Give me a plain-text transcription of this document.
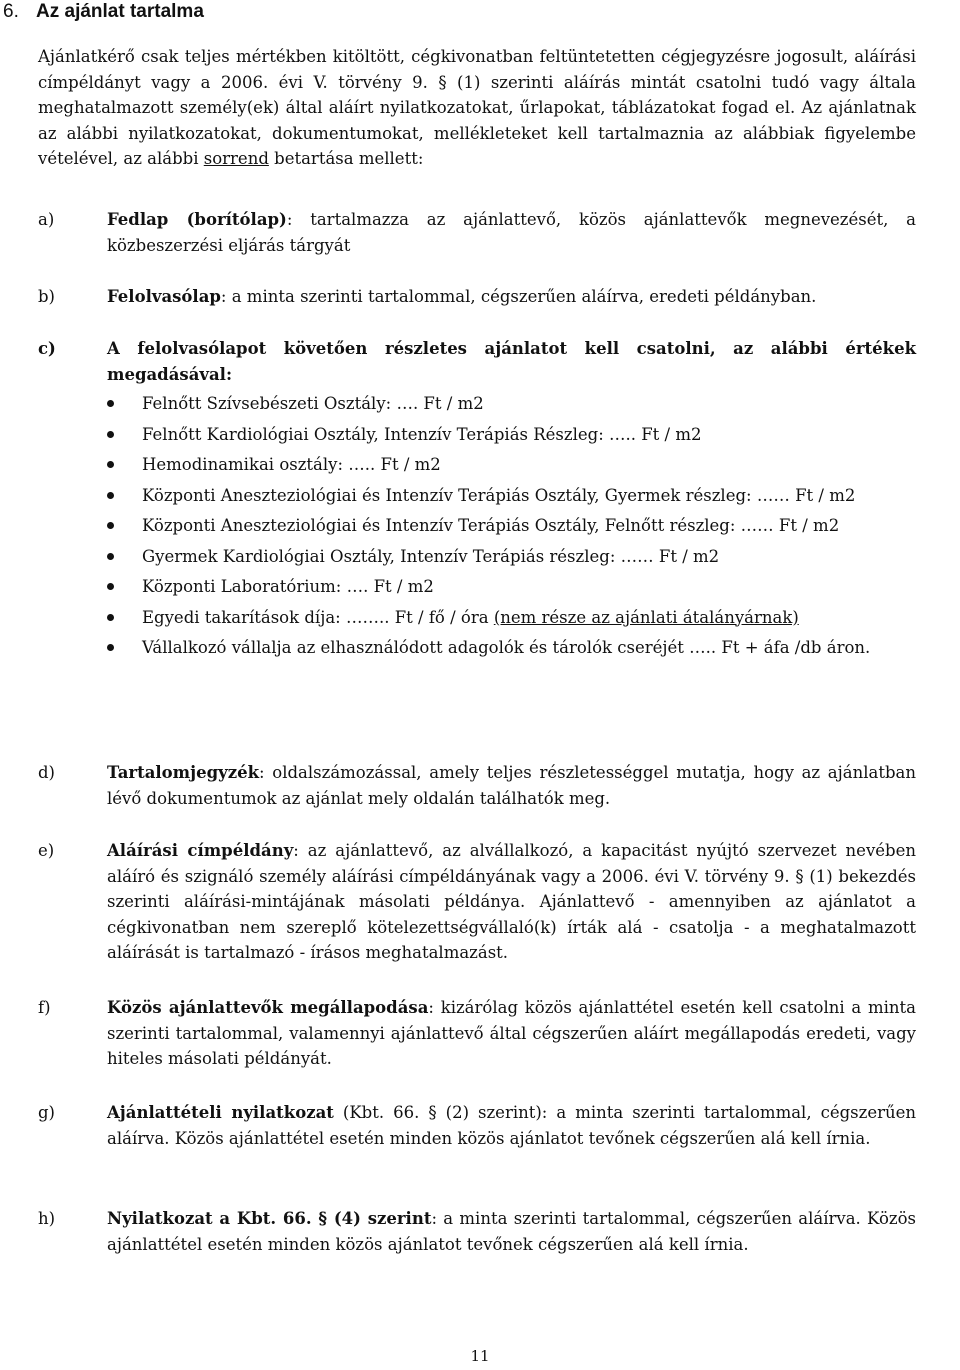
6. Az ajánlat tartalma

Ajánlatkérő csak teljes mértékben kitöltött, cégkivonatban feltüntetetten cégjegyzésre jogosult, aláírási címpéldányt vagy a 2006. évi V. törvény 9. § (1) szerinti aláírás mintát csatolni tudó vagy általa meghatalmazott személy(ek) által aláírt nyilatkozatokat, űrlapokat, táblázatokat fogad el. Az ajánlatnak az alábbi nyilatkozatokat, dokumentumokat, mellékleteket kell tartalmaznia az alábbiak figyelembe vételével, az alábbi sorrend betartása mellett:

a)	Fedlap (borítólap): tartalmazza az ajánlattevő, közös ajánlattevők megnevezését, a közbeszerzési eljárás tárgyát
b)	Felolvasólap: a minta szerinti tartalommal, cégszerűen aláírva, eredeti példányban.
c)	A felolvasólapot követően részletes ajánlatot kell csatolni, az alábbi értékek megadásával:
Felnőtt Szívsebészeti Osztály: …. Ft / m2
Felnőtt Kardiológiai Osztály, Intenzív Terápiás Részleg: ….. Ft / m2
Hemodinamikai osztály: ….. Ft / m2
Központi Aneszteziológiai és Intenzív Terápiás Osztály, Gyermek részleg: …… Ft / m2
Központi Aneszteziológiai és Intenzív Terápiás Osztály, Felnőtt részleg: …… Ft / m2
Gyermek Kardiológiai Osztály, Intenzív Terápiás részleg: …… Ft / m2
Központi Laboratórium: …. Ft / m2
Egyedi takarítások díja: …….. Ft / fő / óra (nem része az ajánlati átalányárnak)
Vállalkozó vállalja az elhasználódott adagolók és tárolók cseréjét ….. Ft + áfa /db áron.
d)	Tartalomjegyzék: oldalszámozással, amely teljes részletességgel mutatja, hogy az ajánlatban lévő dokumentumok az ajánlat mely oldalán találhatók meg.
e)	Aláírási címpéldány: az ajánlattevő, az alvállalkozó, a kapacitást nyújtó szervezet nevében aláíró és szignáló személy aláírási címpéldányának vagy a 2006. évi V. törvény 9. § (1) bekezdés szerinti aláírási-mintájának másolati példánya. Ajánlattevő - amennyiben az ajánlatot a cégkivonatban nem szereplő kötelezettségvállaló(k) írták alá - csatolja - a meghatalmazott aláírását is tartalmazó - írásos meghatalmazást.
f)	Közös ajánlattevők megállapodása: kizárólag közös ajánlattétel esetén kell csatolni a minta szerinti tartalommal, valamennyi ajánlattevő által cégszerűen aláírt megállapodás eredeti, vagy hiteles másolati példányát.
g)	Ajánlattételi nyilatkozat (Kbt. 66. § (2) szerint): a minta szerinti tartalommal, cégszerűen aláírva. Közös ajánlattétel esetén minden közös ajánlatot tevőnek cégszerűen alá kell írnia.
h)	Nyilatkozat a Kbt. 66. § (4) szerint: a minta szerinti tartalommal, cégszerűen aláírva. Közös ajánlattétel esetén minden közös ajánlatot tevőnek cégszerűen alá kell írnia.
11
